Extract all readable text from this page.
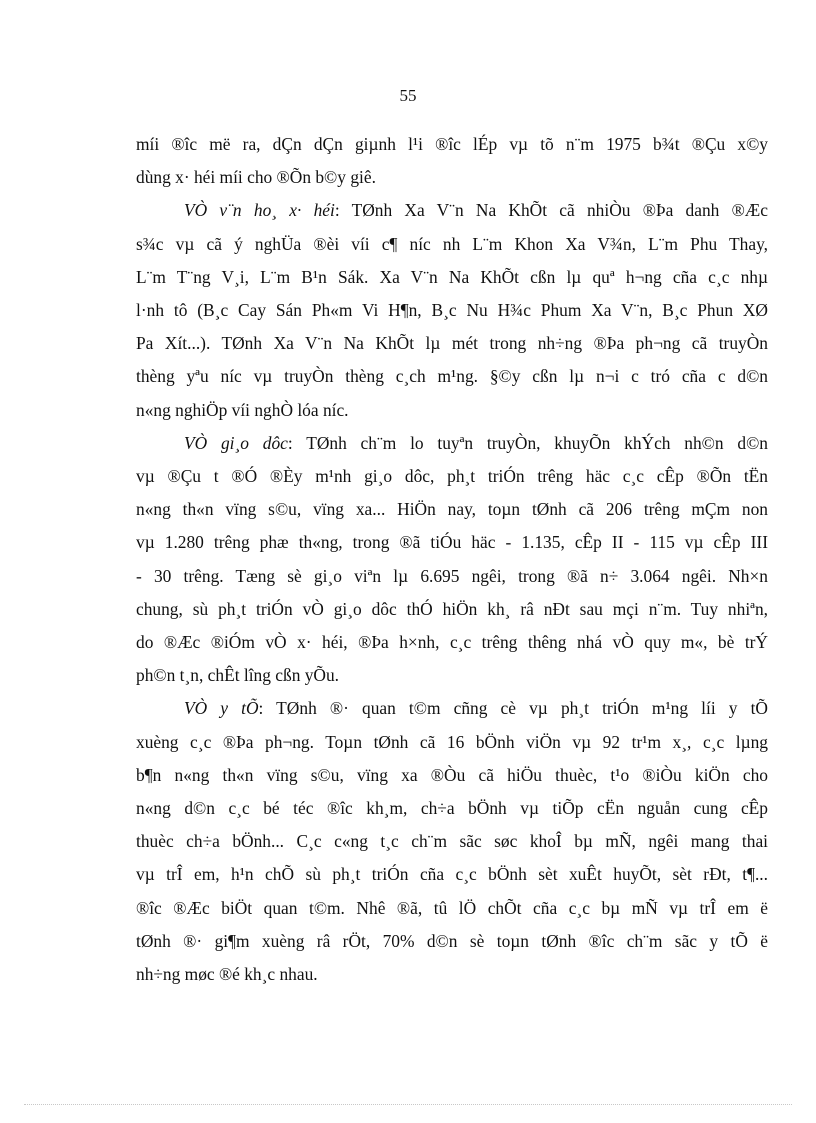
55

míi ®îc më ra, dÇn dÇn giµnh l¹i ®îc lÉp vµ tõ n¨m 1975 b¾t ®Çu x©y
dùng x· héi míi cho ®Õn b©y giê.

VÒ v¨n ho¸ x· héi: TØnh Xa V¨n Na KhÕt cã nhiÒu ®Þa danh ®Æc
s¾c vµ cã ý nghÜa ®èi víi c¶ níc nh L¨m Khon Xa V¾n, L¨m Phu Thay,
L¨m T¨ng V¸i, L¨m B¹n Sák. Xa V¨n Na KhÕt cßn lµ quª h¬ng cña c¸c nhµ
l·nh tô (B¸c Cay Sán Ph«m Vi H¶n, B¸c Nu H¾c Phum Xa V¨n, B¸c Phun XØ
Pa Xít...). TØnh Xa V¨n Na KhÕt lµ mét trong nh÷ng ®Þa ph¬ng cã truyÒn
thèng yªu níc vµ truyÒn thèng c¸ch m¹ng. §©y cßn lµ n¬i c tró cña c d©n
n«ng nghiÖp víi nghÒ lóa níc.

VÒ gi¸o dôc: TØnh ch¨m lo tuyªn truyÒn, khuyÕn khÝch nh©n d©n
vµ ®Çu t ®Ó ®Èy m¹nh gi¸o dôc, ph¸t triÓn trêng häc c¸c cÊp ®Õn tËn
n«ng th«n vïng s©u, vïng xa... HiÖn nay, toµn tØnh cã 206 trêng mÇm non
vµ 1.280 trêng phæ th«ng, trong ®ã tiÓu häc - 1.135, cÊp II - 115 vµ cÊp III
- 30 trêng. Tæng sè gi¸o viªn lµ 6.695 ngêi, trong ®ã n÷ 3.064 ngêi. Nh×n
chung, sù ph¸t triÓn vÒ gi¸o dôc thÓ hiÖn kh¸ râ nÐt sau mçi n¨m. Tuy nhiªn,
do ®Æc ®iÓm vÒ x· héi, ®Þa h×nh, c¸c trêng thêng nhá vÒ quy m«, bè trÝ
ph©n t¸n, chÊt lîng cßn yÕu.

VÒ y tÕ: TØnh ®· quan t©m cñng cè vµ ph¸t triÓn m¹ng líi y tÕ
xuèng c¸c ®Þa ph¬ng. Toµn tØnh cã 16 bÖnh viÖn vµ 92 tr¹m x¸, c¸c lµng
b¶n n«ng th«n vïng s©u, vïng xa ®Òu cã hiÖu thuèc, t¹o ®iÒu kiÖn cho
n«ng d©n c¸c bé téc ®îc kh¸m, ch÷a bÖnh vµ tiÕp cËn nguån cung cÊp
thuèc ch÷a bÖnh... C¸c c«ng t¸c ch¨m sãc søc khoÎ bµ mÑ, ngêi mang thai
vµ trÎ em, h¹n chÕ sù ph¸t triÓn cña c¸c bÖnh sèt xuÊt huyÕt, sèt rÐt, t¶...
®îc ®Æc biÖt quan t©m. Nhê ®ã, tû lÖ chÕt cña c¸c bµ mÑ vµ trÎ em ë
tØnh ®· gi¶m xuèng râ rÖt, 70% d©n sè toµn tØnh ®îc ch¨m sãc y tÕ ë
nh÷ng møc ®é kh¸c nhau.
